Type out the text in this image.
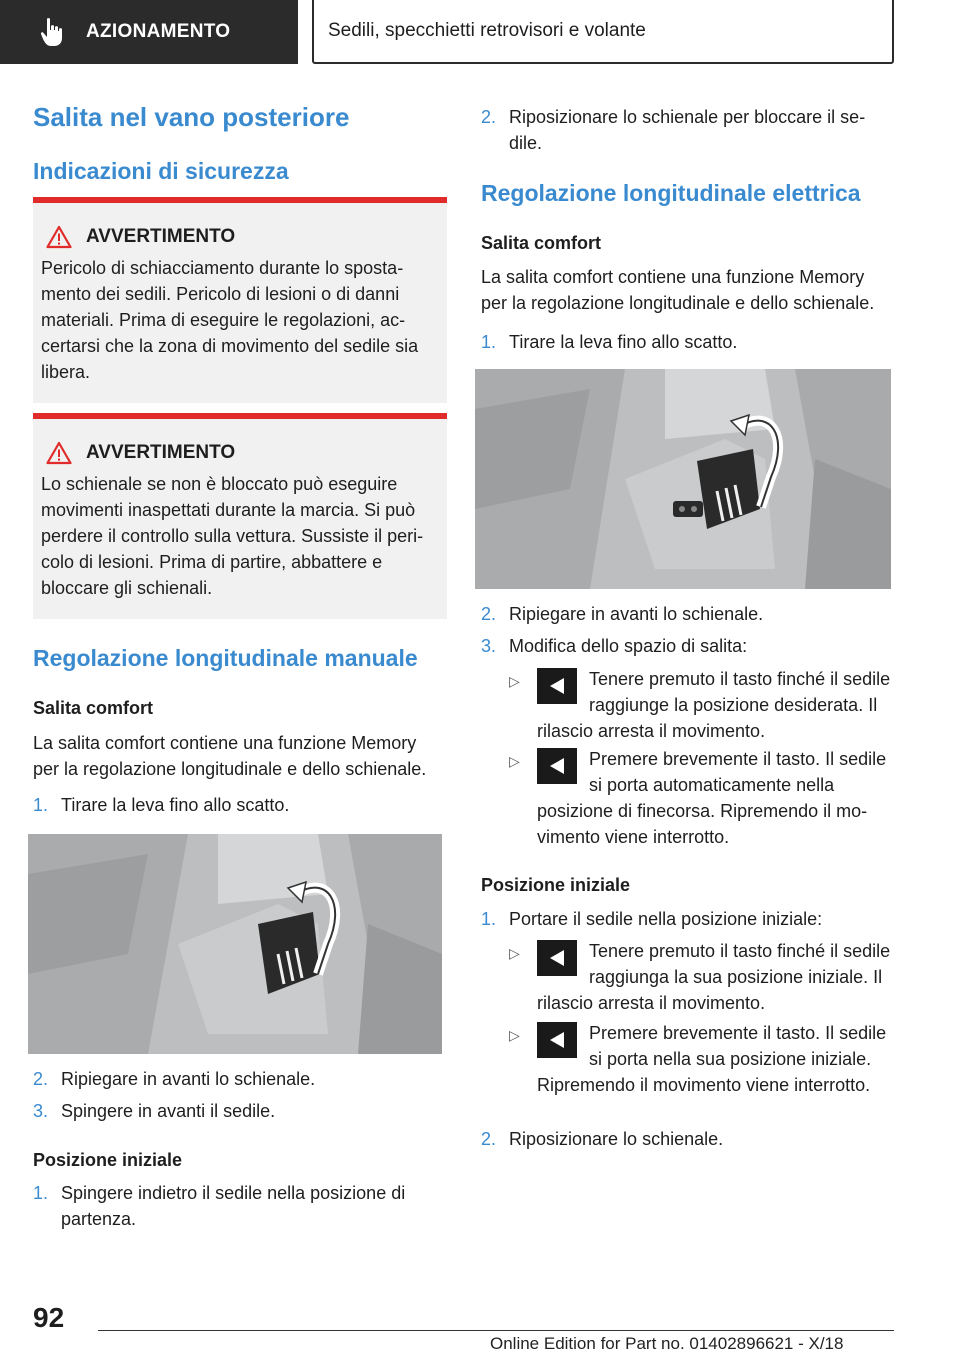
AZIONAMENTO	Sedili, specchietti retrovisori e volante
Salita nel vano posteriore
Indicazioni di sicurezza
AVVERTIMENTO
Pericolo di schiacciamento durante lo spostamento dei sedili. Pericolo di lesioni o di danni materiali. Prima di eseguire le regolazioni, accertarsi che la zona di movimento del sedile sia libera.
AVVERTIMENTO
Lo schienale se non è bloccato può eseguire movimenti inaspettati durante la marcia. Si può perdere il controllo sulla vettura. Sussiste il pericolo di lesioni. Prima di partire, abbattere e bloccare gli schienali.
Regolazione longitudinale manuale
Salita comfort
La salita comfort contiene una funzione Memory per la regolazione longitudinale e dello schienale.
1. Tirare la leva fino allo scatto.
2. Ripiegare in avanti lo schienale.
3. Spingere in avanti il sedile.
Posizione iniziale
1. Spingere indietro il sedile nella posizione di partenza.
2. Riposizionare lo schienale per bloccare il sedile.
Regolazione longitudinale elettrica
Salita comfort
La salita comfort contiene una funzione Memory per la regolazione longitudinale e dello schienale.
1. Tirare la leva fino allo scatto.
2. Ripiegare in avanti lo schienale.
3. Modifica dello spazio di salita:
▷	Tenere premuto il tasto finché il sedile raggiunge la posizione desiderata. Il rilascio arresta il movimento.
▷	Premere brevemente il tasto. Il sedile si porta automaticamente nella posizione di finecorsa. Ripremendo il movimento viene interrotto.
Posizione iniziale
1. Portare il sedile nella posizione iniziale:
▷	Tenere premuto il tasto finché il sedile raggiunga la sua posizione iniziale. Il rilascio arresta il movimento.
▷	Premere brevemente il tasto. Il sedile si porta nella sua posizione iniziale. Ripremendo il movimento viene interrotto.
2. Riposizionare lo schienale.
92
Online Edition for Part no. 01402896621 - X/18
